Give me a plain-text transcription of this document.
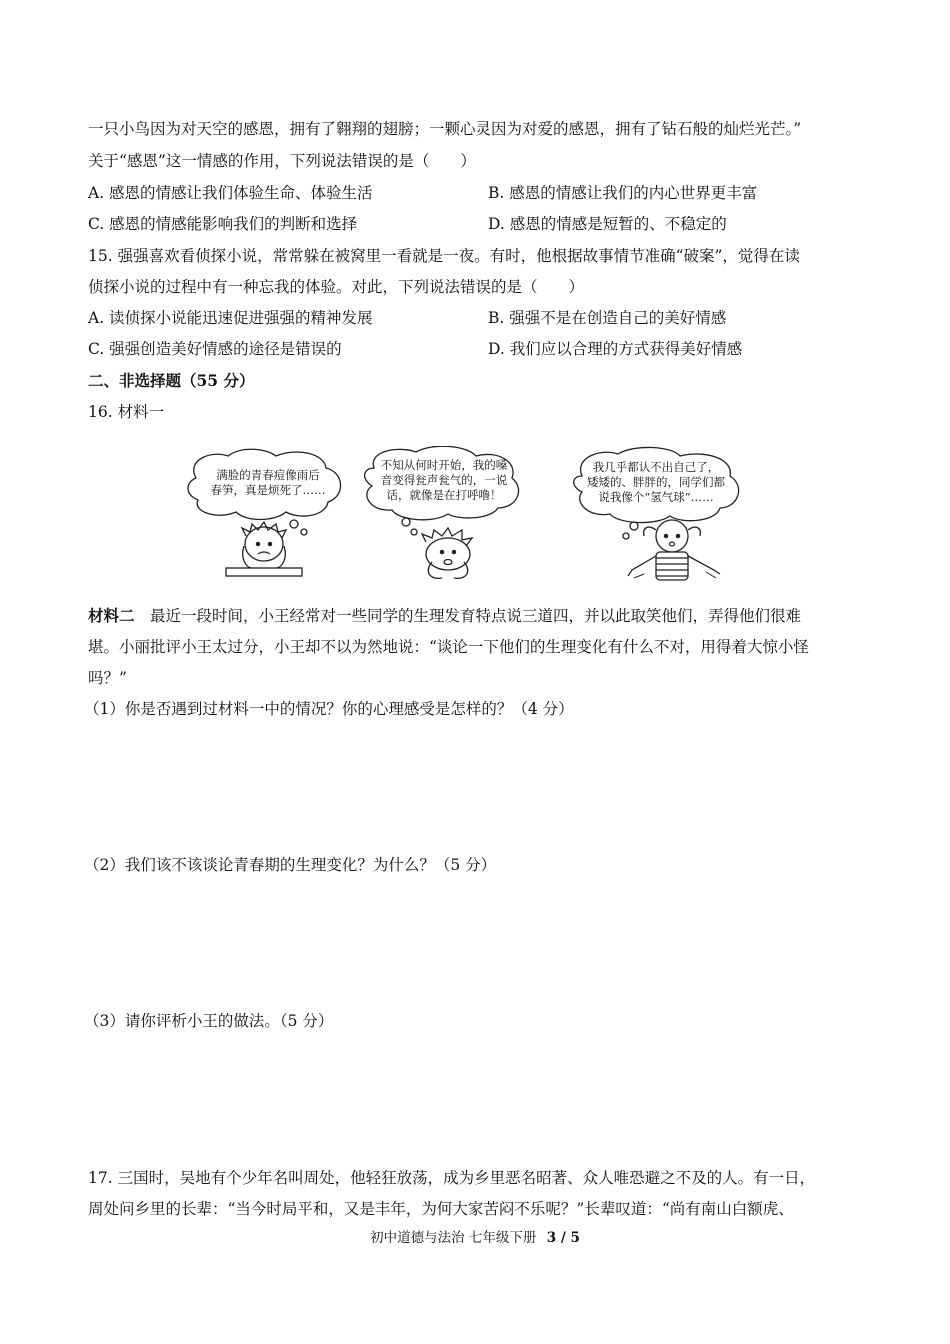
一只小鸟因为对天空的感恩，拥有了翱翔的翅膀；一颗心灵因为对爱的感恩，拥有了钻石般的灿烂光芒。”
关于“感恩”这一情感的作用，下列说法错误的是（　　）
A. 感恩的情感让我们体验生命、体验生活	B. 感恩的情感让我们的内心世界更丰富
C. 感恩的情感能影响我们的判断和选择	D. 感恩的情感是短暂的、不稳定的
15. 强强喜欢看侦探小说，常常躲在被窝里一看就是一夜。有时，他根据故事情节准确“破案”，觉得在读
侦探小说的过程中有一种忘我的体验。对此，下列说法错误的是（　　）
A. 读侦探小说能迅速促进强强的精神发展	B. 强强不是在创造自己的美好情感
C. 强强创造美好情感的途径是错误的	D. 我们应以合理的方式获得美好情感
二、非选择题（55 分）
16. 材料一
满脸的青春痘像雨后
春笋，真是烦死了……
不知从何时开始，我的嗓
音变得瓮声瓮气的，一说
话，就像是在打呼噜！
我几乎都认不出自己了，
矮矮的、胖胖的，同学们都
说我像个“氢气球”……
材料二　最近一段时间，小王经常对一些同学的生理发育特点说三道四，并以此取笑他们，弄得他们很难
堪。小丽批评小王太过分，小王却不以为然地说：“谈论一下他们的生理变化有什么不对，用得着大惊小怪
吗？”
（1）你是否遇到过材料一中的情况？你的心理感受是怎样的？（4 分）
（2）我们该不该谈论青春期的生理变化？为什么？（5 分）
（3）请你评析小王的做法。（5 分）
17. 三国时，吴地有个少年名叫周处，他轻狂放荡，成为乡里恶名昭著、众人唯恐避之不及的人。有一日，
周处问乡里的长辈：“当今时局平和，又是丰年，为何大家苦闷不乐呢？”长辈叹道：“尚有南山白额虎、
初中道德与法治 七年级下册 3 / 5
